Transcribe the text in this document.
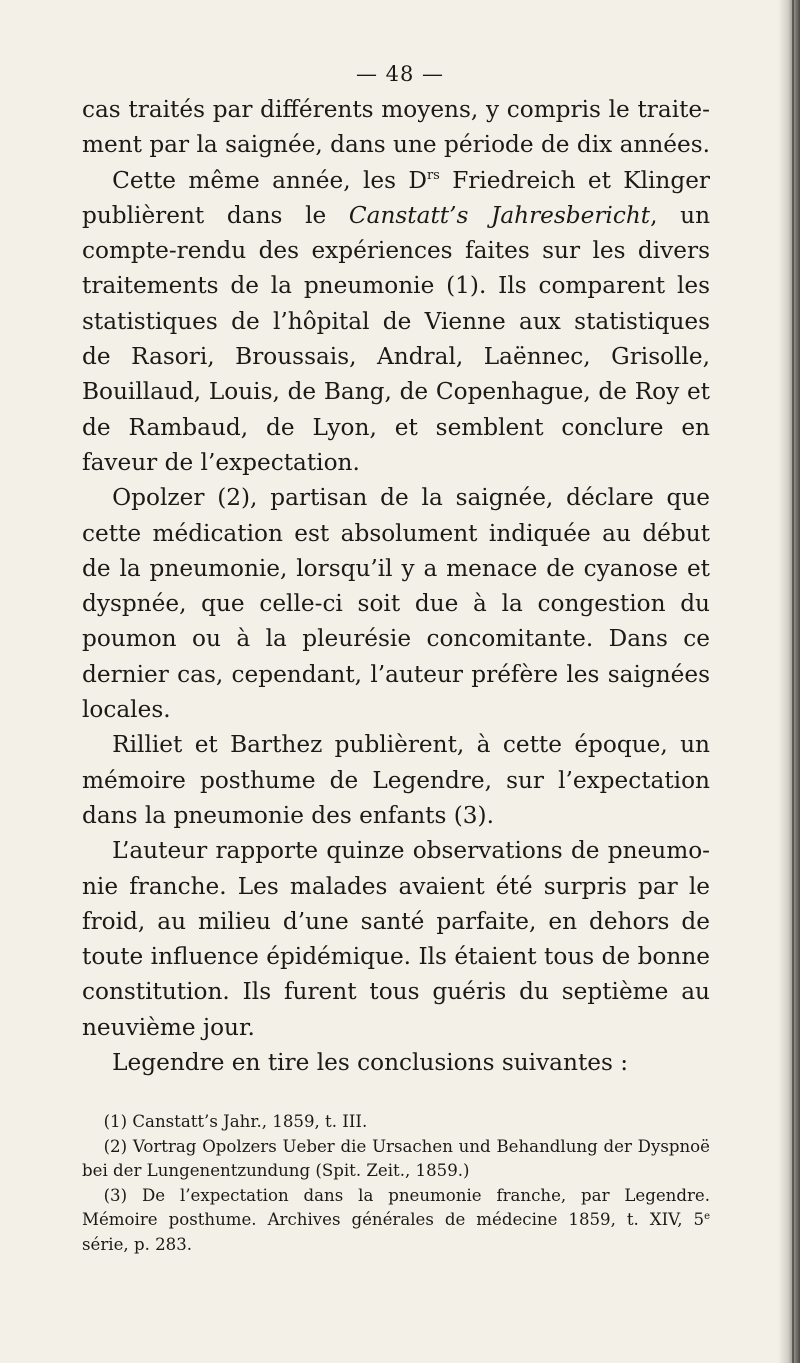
— 48 —

cas traités par différents moyens, y compris le traitement par la saignée, dans une période de dix années.

Cette même année, les $D^{rs}$ Friedreich et Klinger publièrent dans le Canstatt’s Jahresbericht, un compte-rendu des expériences faites sur les divers traitements de la pneumonie (1). Ils comparent les statistiques de l’hôpital de Vienne aux statistiques de Rasori, Broussais, Andral, Laënnec, Grisolle, Bouillaud, Louis, de Bang, de Copenhague, de Roy et de Rambaud, de Lyon, et semblent conclure en faveur de l’expectation.

Opolzer (2), partisan de la saignée, déclare que cette médication est absolument indiquée au début de la pneumonie, lorsqu’il y a menace de cyanose et dyspnée, que celle-ci soit due à la congestion du poumon ou à la pleurésie concomitante. Dans ce dernier cas, cependant, l’auteur préfère les saignées locales.

Rilliet et Barthez publièrent, à cette époque, un mémoire posthume de Legendre, sur l’expectation dans la pneumonie des enfants (3).

L’auteur rapporte quinze observations de pneumonie franche. Les malades avaient été surpris par le froid, au milieu d’une santé parfaite, en dehors de toute influence épidémique. Ils étaient tous de bonne constitution. Ils furent tous guéris du septième au neuvième jour.

Legendre en tire les conclusions suivantes :

(1) Canstatt’s Jahr., 1859, t. III.

(2) Vortrag Opolzers Ueber die Ursachen und Behandlung der Dyspnoë bei der Lungenentzundung (Spit. Zeit., 1859.)

(3) De l’expectation dans la pneumonie franche, par Legendre. Mémoire posthume. Archives générales de médecine 1859, t. XIV, 5e série, p. 283.
